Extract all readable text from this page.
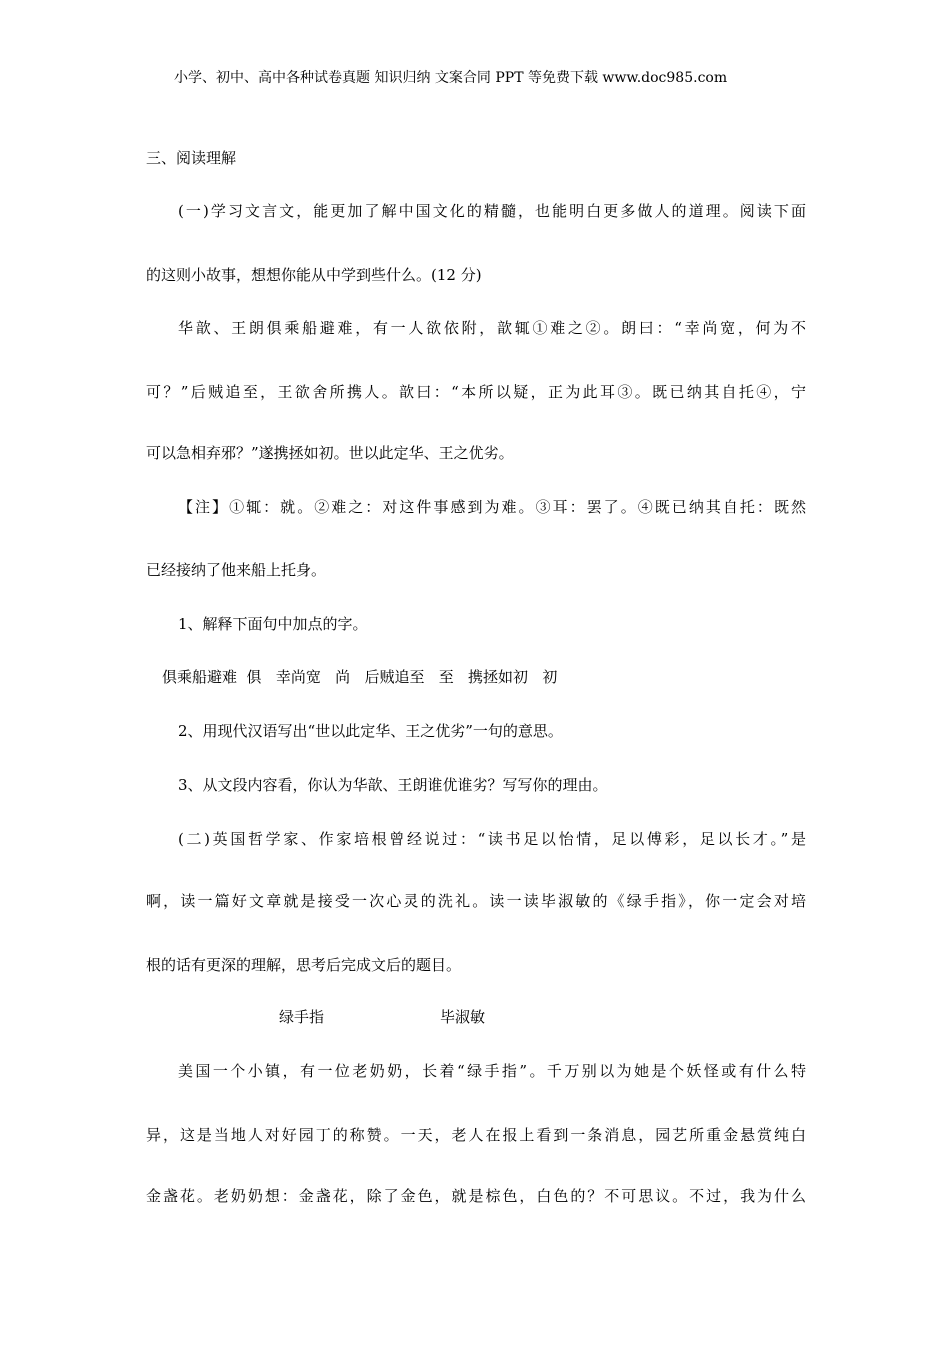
小学、初中、高中各种试卷真题 知识归纳 文案合同 PPT 等免费下载 www.doc985.com
三、阅读理解
(一)学习文言文，能更加了解中国文化的精髓，也能明白更多做人的道理。阅读下面
的这则小故事，想想你能从中学到些什么。(12 分)
华歆、王朗俱乘船避难，有一人欲依附，歆辄①难之②。朗曰：“幸尚宽，何为不
可？”后贼追至，王欲舍所携人。歆曰：“本所以疑，正为此耳③。既已纳其自托④，宁
可以急相弃邪？”遂携拯如初。世以此定华、王之优劣。
【注】①辄：就。②难之：对这件事感到为难。③耳：罢了。④既已纳其自托：既然
已经接纳了他来船上托身。
1、解释下面句中加点的字。
俱乘船避难  俱   幸尚宽   尚   后贼追至   至   携拯如初   初
2、用现代汉语写出“世以此定华、王之优劣”一句的意思。
3、从文段内容看，你认为华歆、王朗谁优谁劣？写写你的理由。
(二)英国哲学家、作家培根曾经说过：“读书足以怡情，足以傅彩，足以长才。”是
啊，读一篇好文章就是接受一次心灵的洗礼。读一读毕淑敏的《绿手指》，你一定会对培
根的话有更深的理解，思考后完成文后的题目。
绿手指	毕淑敏
美国一个小镇，有一位老奶奶，长着“绿手指”。千万别以为她是个妖怪或有什么特
异，这是当地人对好园丁的称赞。一天，老人在报上看到一条消息，园艺所重金悬赏纯白
金盏花。老奶奶想：金盏花，除了金色，就是棕色，白色的？不可思议。不过，我为什么
